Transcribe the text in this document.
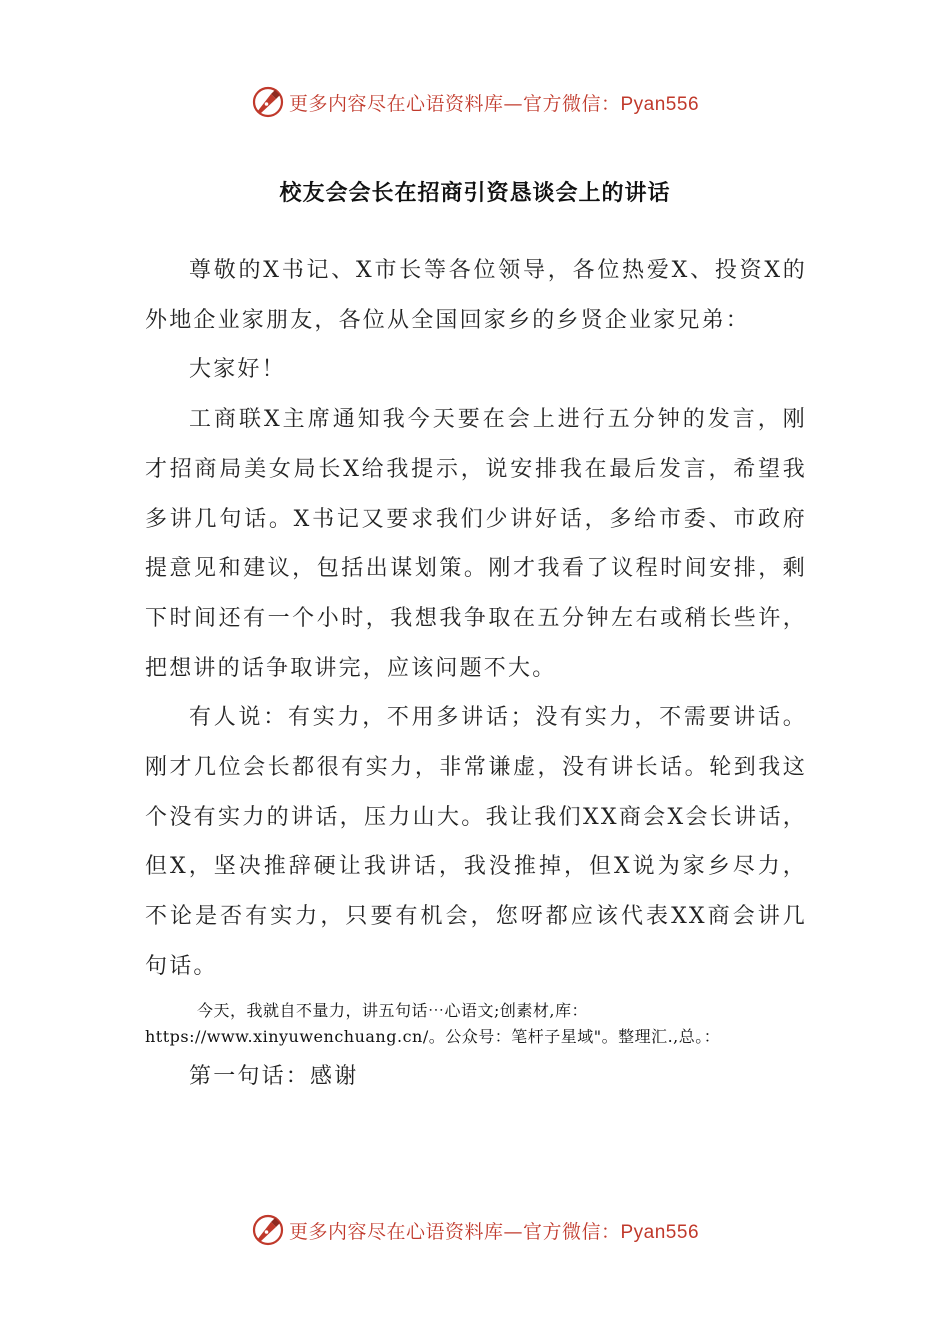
更多内容尽在心语资料库—官方微信：Pyan556
校友会会长在招商引资恳谈会上的讲话

尊敬的X书记、X市长等各位领导，各位热爱X、投资X的外地企业家朋友，各位从全国回家乡的乡贤企业家兄弟：

大家好！

工商联X主席通知我今天要在会上进行五分钟的发言，刚才招商局美女局长X给我提示，说安排我在最后发言，希望我多讲几句话。X书记又要求我们少讲好话，多给市委、市政府提意见和建议，包括出谋划策。刚才我看了议程时间安排，剩下时间还有一个小时，我想我争取在五分钟左右或稍长些许，把想讲的话争取讲完，应该问题不大。

有人说：有实力，不用多讲话；没有实力，不需要讲话。刚才几位会长都很有实力，非常谦虚，没有讲长话。轮到我这个没有实力的讲话，压力山大。我让我们XX商会X会长讲话，但X，坚决推辞硬让我讲话，我没推掉，但X说为家乡尽力，不论是否有实力，只要有机会，您呀都应该代表XX商会讲几句话。

今天，我就自不量力，讲五句话⋯心语文;创素材,库：https://www.xinyuwenchuang.cn/。公众号：笔杆子星域"。整理汇.,总。：

第一句话：感谢

更多内容尽在心语资料库—官方微信：Pyan556
